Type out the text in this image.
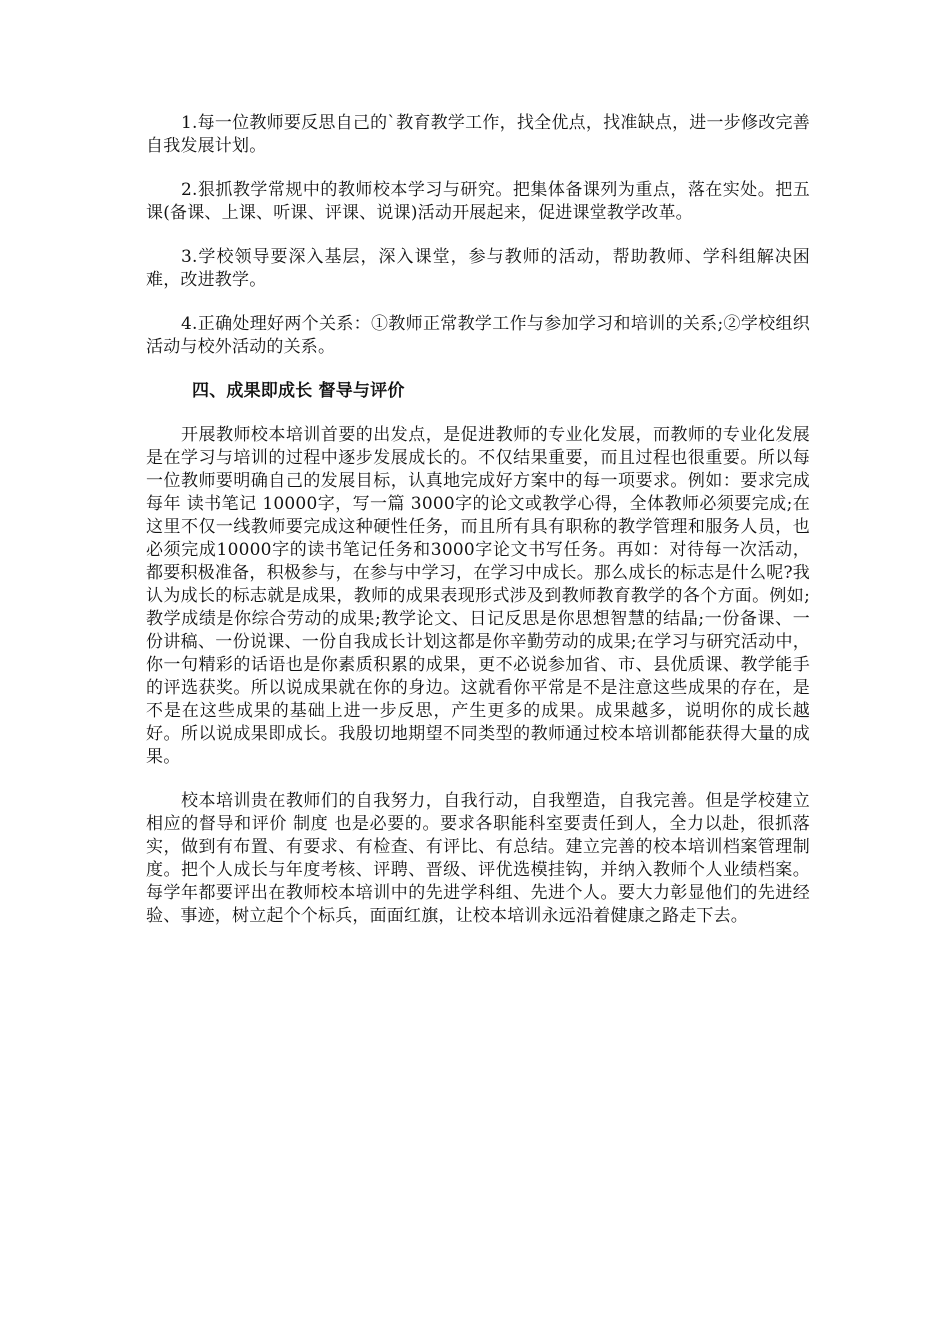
1.每一位教师要反思自己的`教育教学工作，找全优点，找准缺点，进一步修改完善自我发展计划。

2.狠抓教学常规中的教师校本学习与研究。把集体备课列为重点，落在实处。把五课(备课、上课、听课、评课、说课)活动开展起来，促进课堂教学改革。

3.学校领导要深入基层，深入课堂，参与教师的活动，帮助教师、学科组解决困难，改进教学。

4.正确处理好两个关系：①教师正常教学工作与参加学习和培训的关系;②学校组织活动与校外活动的关系。

四、成果即成长 督导与评价

开展教师校本培训首要的出发点，是促进教师的专业化发展，而教师的专业化发展是在学习与培训的过程中逐步发展成长的。不仅结果重要，而且过程也很重要。所以每一位教师要明确自己的发展目标，认真地完成好方案中的每一项要求。例如：要求完成每年 读书笔记 10000字，写一篇 3000字的论文或教学心得，全体教师必须要完成;在这里不仅一线教师要完成这种硬性任务，而且所有具有职称的教学管理和服务人员，也必须完成10000字的读书笔记任务和3000字论文书写任务。再如：对待每一次活动，都要积极准备，积极参与，在参与中学习，在学习中成长。那么成长的标志是什么呢?我认为成长的标志就是成果，教师的成果表现形式涉及到教师教育教学的各个方面。例如;教学成绩是你综合劳动的成果;教学论文、日记反思是你思想智慧的结晶;一份备课、一份讲稿、一份说课、一份自我成长计划这都是你辛勤劳动的成果;在学习与研究活动中，你一句精彩的话语也是你素质积累的成果，更不必说参加省、市、县优质课、教学能手的评选获奖。所以说成果就在你的身边。这就看你平常是不是注意这些成果的存在，是不是在这些成果的基础上进一步反思，产生更多的成果。成果越多，说明你的成长越好。所以说成果即成长。我殷切地期望不同类型的教师通过校本培训都能获得大量的成果。

校本培训贵在教师们的自我努力，自我行动，自我塑造，自我完善。但是学校建立相应的督导和评价 制度 也是必要的。要求各职能科室要责任到人，全力以赴，很抓落实，做到有布置、有要求、有检查、有评比、有总结。建立完善的校本培训档案管理制度。把个人成长与年度考核、评聘、晋级、评优选模挂钩，并纳入教师个人业绩档案。每学年都要评出在教师校本培训中的先进学科组、先进个人。要大力彰显他们的先进经验、事迹，树立起个个标兵，面面红旗，让校本培训永远沿着健康之路走下去。
